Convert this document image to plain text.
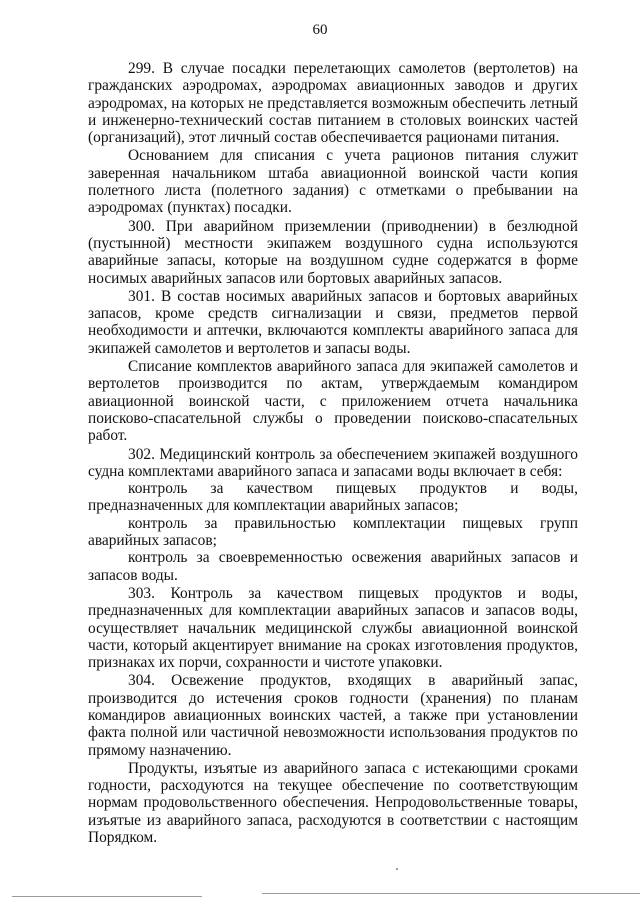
60

299. В случае посадки перелетающих самолетов (вертолетов) на гражданских аэродромах, аэродромах авиационных заводов и других аэродромах, на которых не представляется возможным обеспечить летный и инженерно-технический состав питанием в столовых воинских частей (организаций), этот личный состав обеспечивается рационами питания.

Основанием для списания с учета рационов питания служит заверенная начальником штаба авиационной воинской части копия полетного листа (полетного задания) с отметками о пребывании на аэродромах (пунктах) посадки.

300. При аварийном приземлении (приводнении) в безлюдной (пустынной) местности экипажем воздушного судна используются аварийные запасы, которые на воздушном судне содержатся в форме носимых аварийных запасов или бортовых аварийных запасов.

301. В состав носимых аварийных запасов и бортовых аварийных запасов, кроме средств сигнализации и связи, предметов первой необходимости и аптечки, включаются комплекты аварийного запаса для экипажей самолетов и вертолетов и запасы воды.

Списание комплектов аварийного запаса для экипажей самолетов и вертолетов производится по актам, утверждаемым командиром авиационной воинской части, с приложением отчета начальника поисково-спасательной службы о проведении поисково-спасательных работ.

302. Медицинский контроль за обеспечением экипажей воздушного судна комплектами аварийного запаса и запасами воды включает в себя:

контроль за качеством пищевых продуктов и воды, предназначенных для комплектации аварийных запасов;

контроль за правильностью комплектации пищевых групп аварийных запасов;

контроль за своевременностью освежения аварийных запасов и запасов воды.

303. Контроль за качеством пищевых продуктов и воды, предназначенных для комплектации аварийных запасов и запасов воды, осуществляет начальник медицинской службы авиационной воинской части, который акцентирует внимание на сроках изготовления продуктов, признаках их порчи, сохранности и чистоте упаковки.

304. Освежение продуктов, входящих в аварийный запас, производится до истечения сроков годности (хранения) по планам командиров авиационных воинских частей, а также при установлении факта полной или частичной невозможности использования продуктов по прямому назначению.

Продукты, изъятые из аварийного запаса с истекающими сроками годности, расходуются на текущее обеспечение по соответствующим нормам продовольственного обеспечения. Непродовольственные товары, изъятые из аварийного запаса, расходуются в соответствии с настоящим Порядком.
